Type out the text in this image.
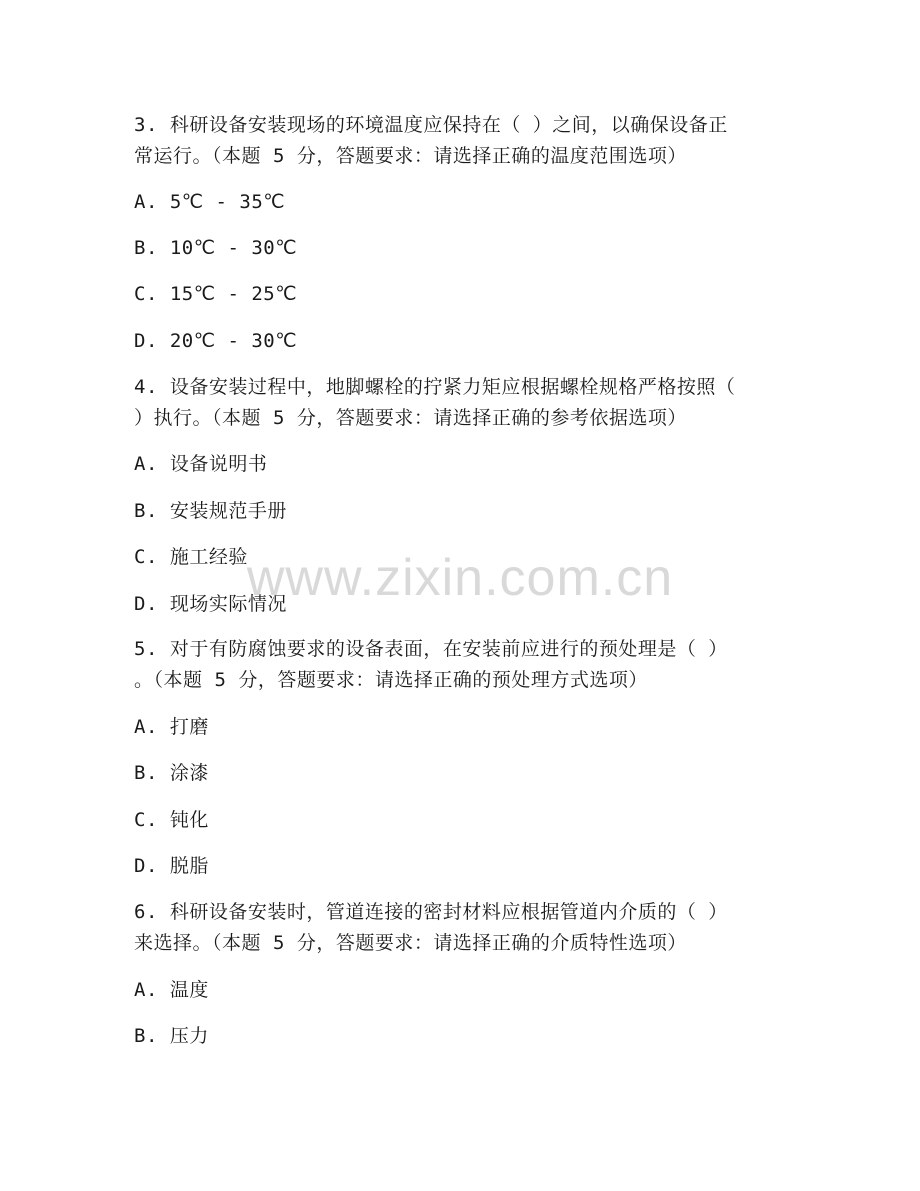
www.zixin.com.cn
3. 科研设备安装现场的环境温度应保持在（ ）之间，以确保设备正
常运行。（本题 5 分，答题要求：请选择正确的温度范围选项）
A. 5℃ - 35℃
B. 10℃ - 30℃
C. 15℃ - 25℃
D. 20℃ - 30℃
4. 设备安装过程中，地脚螺栓的拧紧力矩应根据螺栓规格严格按照（
）执行。（本题 5 分，答题要求：请选择正确的参考依据选项）
A. 设备说明书
B. 安装规范手册
C. 施工经验
D. 现场实际情况
5. 对于有防腐蚀要求的设备表面，在安装前应进行的预处理是（ ）
。（本题 5 分，答题要求：请选择正确的预处理方式选项）
A. 打磨
B. 涂漆
C. 钝化
D. 脱脂
6. 科研设备安装时，管道连接的密封材料应根据管道内介质的（ ）
来选择。（本题 5 分，答题要求：请选择正确的介质特性选项）
A. 温度
B. 压力
